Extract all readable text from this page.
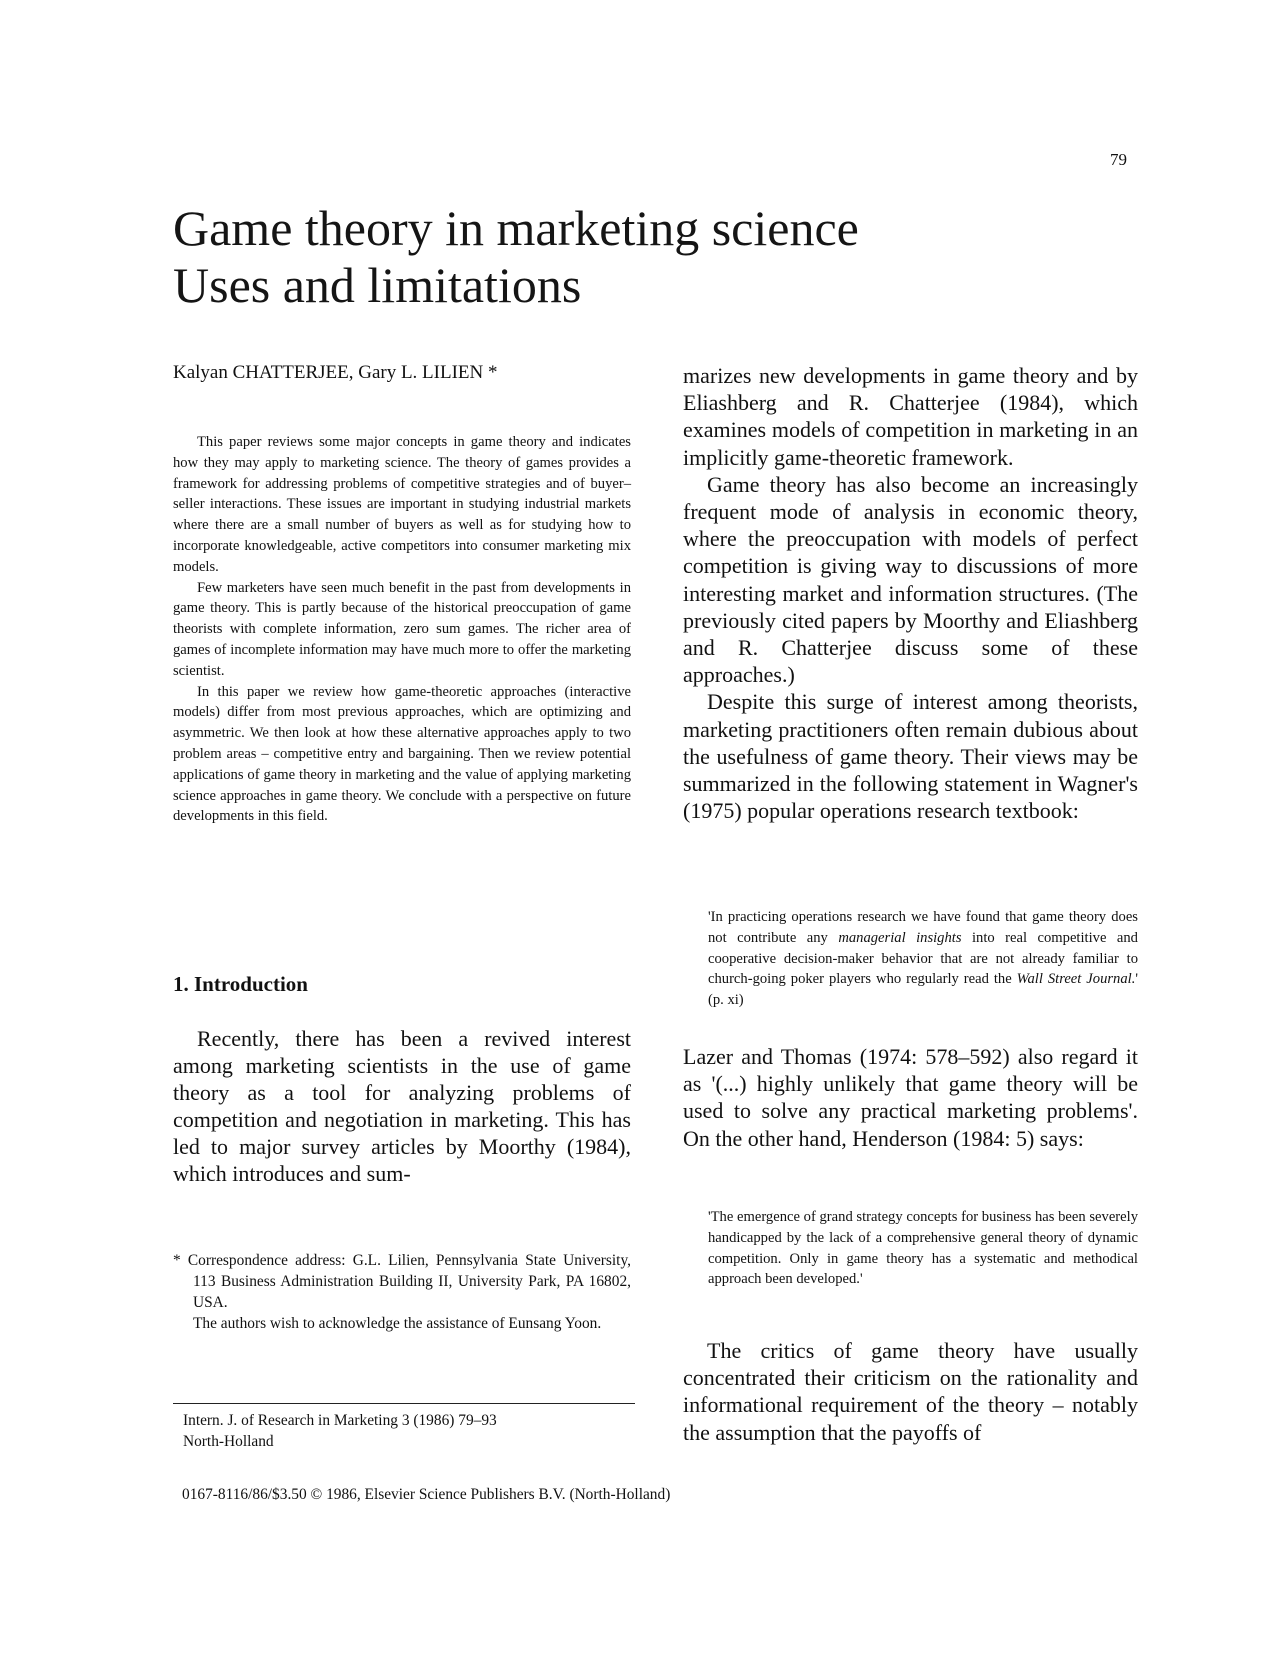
79
Game theory in marketing science
Uses and limitations
Kalyan CHATTERJEE, Gary L. LILIEN *

This paper reviews some major concepts in game theory and indicates how they may apply to marketing science. The theory of games provides a framework for addressing problems of competitive strategies and of buyer–seller interactions. These issues are important in studying industrial markets where there are a small number of buyers as well as for studying how to incorporate knowledgeable, active competitors into consumer marketing mix models.

Few marketers have seen much benefit in the past from developments in game theory. This is partly because of the historical preoccupation of game theorists with complete information, zero sum games. The richer area of games of incomplete information may have much more to offer the marketing scientist.

In this paper we review how game-theoretic approaches (interactive models) differ from most previous approaches, which are optimizing and asymmetric. We then look at how these alternative approaches apply to two problem areas – competitive entry and bargaining. Then we review potential applications of game theory in marketing and the value of applying marketing science approaches in game theory. We conclude with a perspective on future developments in this field.

1. Introduction

Recently, there has been a revived interest among marketing scientists in the use of game theory as a tool for analyzing problems of competition and negotiation in marketing. This has led to major survey articles by Moorthy (1984), which introduces and sum-

* Correspondence address: G.L. Lilien, Pennsylvania State University, 113 Business Administration Building II, University Park, PA 16802, USA.
The authors wish to acknowledge the assistance of Eunsang Yoon.
Intern. J. of Research in Marketing 3 (1986) 79–93
North-Holland
0167-8116/86/$3.50 © 1986, Elsevier Science Publishers B.V. (North-Holland)

marizes new developments in game theory and by Eliashberg and R. Chatterjee (1984), which examines models of competition in marketing in an implicitly game-theoretic framework.

Game theory has also become an increasingly frequent mode of analysis in economic theory, where the preoccupation with models of perfect competition is giving way to discussions of more interesting market and information structures. (The previously cited papers by Moorthy and Eliashberg and R. Chatterjee discuss some of these approaches.)

Despite this surge of interest among theorists, marketing practitioners often remain dubious about the usefulness of game theory. Their views may be summarized in the following statement in Wagner's (1975) popular operations research textbook:

'In practicing operations research we have found that game theory does not contribute any managerial insights into real competitive and cooperative decision-maker behavior that are not already familiar to church-going poker players who regularly read the Wall Street Journal.' (p. xi)

Lazer and Thomas (1974: 578–592) also regard it as '(...) highly unlikely that game theory will be used to solve any practical marketing problems'. On the other hand, Henderson (1984: 5) says:

'The emergence of grand strategy concepts for business has been severely handicapped by the lack of a comprehensive general theory of dynamic competition. Only in game theory has a systematic and methodical approach been developed.'

The critics of game theory have usually concentrated their criticism on the rationality and informational requirement of the theory – notably the assumption that the payoffs of
